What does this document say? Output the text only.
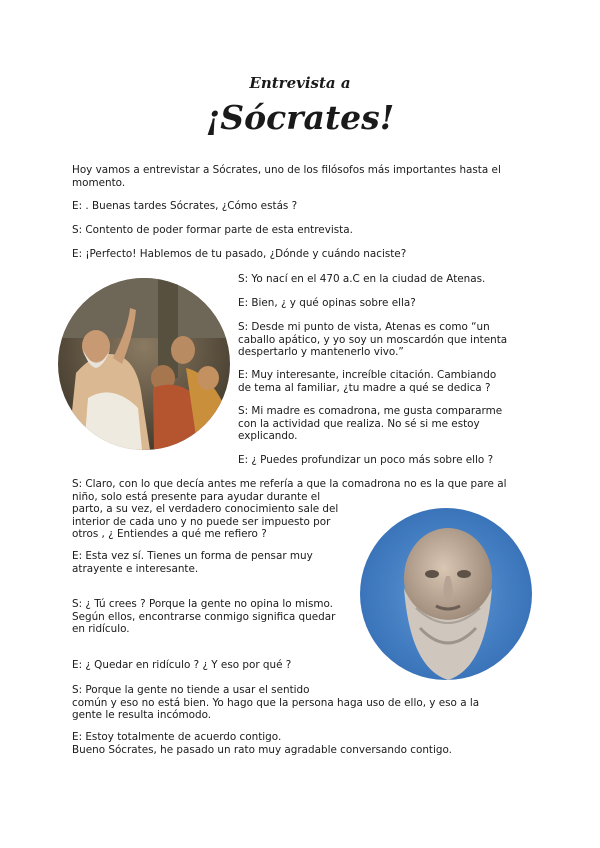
Entrevista a
¡Sócrates!
Hoy vamos a entrevistar a Sócrates, uno de los filósofos más importantes hasta el
momento.
E: . Buenas tardes Sócrates, ¿Cómo estás ?
S: Contento de poder formar parte de esta entrevista.
E: ¡Perfecto! Hablemos de tu pasado, ¿Dónde y cuándo naciste?
S: Yo nací en el 470 a.C en la ciudad de Atenas.
E: Bien, ¿ y qué opinas sobre ella?
S: Desde mi punto de vista, Atenas es como “un
caballo apático, y yo soy un moscardón que intenta
despertarlo y mantenerlo vivo.”
E: Muy interesante, increíble citación. Cambiando
de tema al familiar, ¿tu madre a qué se dedica ?
S: Mi madre es comadrona, me gusta compararme
con la actividad que realiza. No sé si me estoy
explicando.
E: ¿ Puedes profundizar un poco más sobre ello ?
S: Claro, con lo que decía antes me refería a que la comadrona no es la que pare al
niño, solo está presente para ayudar durante el
parto, a su vez, el verdadero conocimiento sale del
interior de cada uno y no puede ser impuesto por
otros , ¿ Entiendes a qué me refiero ?
E: Esta vez sí. Tienes un forma de pensar muy
atrayente e interesante.
S: ¿ Tú crees ? Porque la gente no opina lo mismo.
Según ellos, encontrarse conmigo significa quedar
en ridículo.
E: ¿ Quedar en ridículo ? ¿ Y eso por qué ?
S: Porque la gente no tiende a usar el sentido
común y eso no está bien. Yo hago que la persona haga uso de ello, y eso a la
gente le resulta incómodo.
E: Estoy totalmente de acuerdo contigo.
Bueno Sócrates, he pasado un rato muy agradable conversando contigo.
